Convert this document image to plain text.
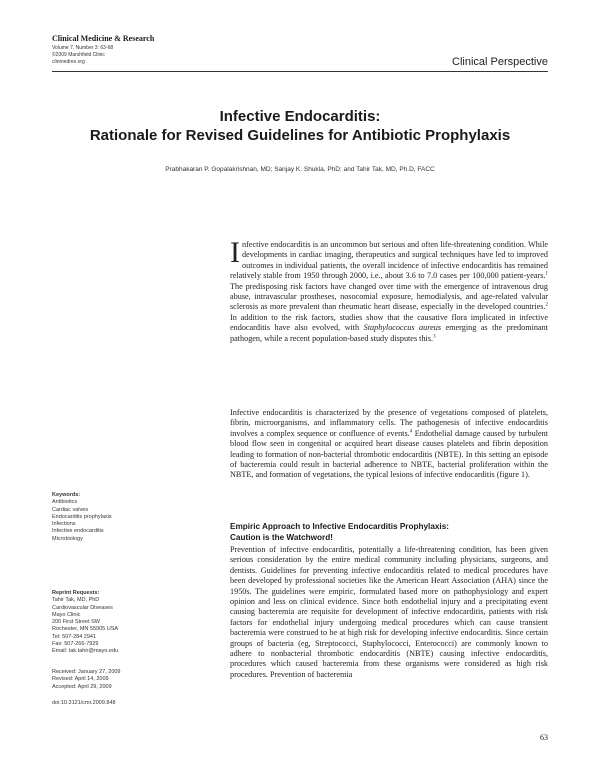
Clinical Medicine & Research
Volume 7, Number 3: 63-68
©2009 Marshfield Clinic
clinmedres.org	Clinical Perspective
Infective Endocarditis:
Rationale for Revised Guidelines for Antibiotic Prophylaxis
Prabhakaran P. Gopalakrishnan, MD; Sanjay K. Shukla, PhD; and Tahir Tak, MD, Ph.D, FACC
Infective endocarditis is an uncommon but serious and often life-threatening condition. While developments in cardiac imaging, therapeutics and surgical techniques have led to improved outcomes in individual patients, the overall incidence of infective endocarditis has remained relatively stable from 1950 through 2000, i.e., about 3.6 to 7.0 cases per 100,000 patient-years.$^1$ The predisposing risk factors have changed over time with the emergence of intravenous drug abuse, intravascular prostheses, nosocomial exposure, hemodialysis, and age-related valvular sclerosis as more prevalent than rheumatic heart disease, especially in the developed countries.$^2$ In addition to the risk factors, studies show that the causative flora implicated in infective endocarditis have also evolved, with Staphylococcus aureus emerging as the predominant pathogen, while a recent population-based study disputes this.$^3$
Infective endocarditis is characterized by the presence of vegetations composed of platelets, fibrin, microorganisms, and inflammatory cells. The pathogenesis of infective endocarditis involves a complex sequence or confluence of events.$^4$ Endothelial damage caused by turbulent blood flow seen in congenital or acquired heart disease causes platelets and fibrin deposition leading to formation of non-bacterial thrombotic endocarditis (NBTE). In this setting an episode of bacteremia could result in bacterial adherence to NBTE, bacterial proliferation within the NBTE, and formation of vegetations, the typical lesions of infective endocarditis (figure 1).
Empiric Approach to Infective Endocarditis Prophylaxis:
Caution is the Watchword!
Prevention of infective endocarditis, potentially a life-threatening condition, has been given serious consideration by the entire medical community including physicians, surgeons, and dentists. Guidelines for preventing infective endocarditis related to medical procedures have been developed by professional societies like the American Heart Association (AHA) since the 1950s. The guidelines were empiric, formulated based more on pathophysiology and expert opinion and less on clinical evidence. Since both endothelial injury and a precipitating event causing bacteremia are requisite for development of infective endocarditis, patients with risk factors for endothelial injury undergoing medical procedures which can cause transient bacteremia were construed to be at high risk for developing infective endocarditis. Since certain groups of bacteria (eg, Streptococci, Staphylococci, Enterococci) are commonly known to adhere to nonbacterial thrombotic endocarditis (NBTE) causing infective endocarditis, procedures which caused bacteremia from these organisms were considered as high risk procedures. Prevention of bacteremia
Keywords:
Antibiotics
Cardiac valves
Endocarditis prophylaxis
Infections
Infective endocarditis
Microbiology
Reprint Requests:
Tahir Tak, MD, PhD
Cardiovascular Diseases
Mayo Clinic
200 First Street SW
Rochester, MN 55905 USA
Tel: 507-284 2941
Fax: 507-266-7929
Email: tak.tahir@mayo.edu
Received: January 27, 2009
Revised: April 14, 2009
Accepted: April 29, 2009
doi:10.3121/cmr.2009.848
63
